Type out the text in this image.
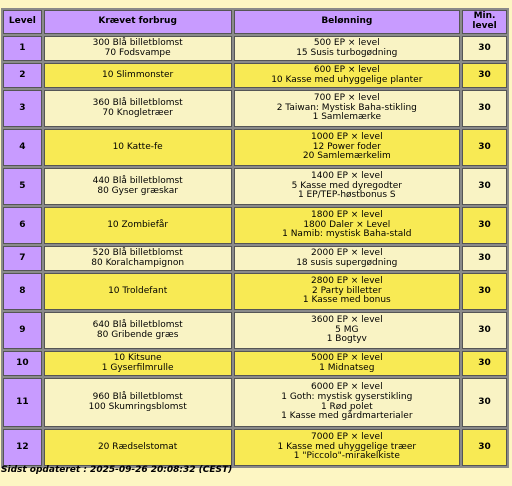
Level	Krævet forbrug	Belønning	Min. level
1	300 Blå billetblomst
70 Fodsvampe	500 EP × level
15 Susis turbogødning	30
2	10 Slimmonster	600 EP × level
10 Kasse med uhyggelige planter	30
3	360 Blå billetblomst
70 Knogletræer	700 EP × level
2 Taiwan: Mystisk Baha-stikling
1 Samlemærke	30
4	10 Katte-fe	1000 EP × level
12 Power foder
20 Samlemærkelim	30
5	440 Blå billetblomst
80 Gyser græskar	1400 EP × level
5 Kasse med dyregodter
1 EP/TEP-høstbonus S	30
6	10 Zombiefår	1800 EP × level
1800 Daler × Level
1 Namib: mystisk Baha-stald	30
7	520 Blå billetblomst
80 Koralchampignon	2000 EP × level
18 susis supergødning	30
8	10 Troldefant	2800 EP × level
2 Party billetter
1 Kasse med bonus	30
9	640 Blå billetblomst
80 Gribende græs	3600 EP × level
5 MG
1 Bogtyv	30
10	10 Kitsune
1 Gyserfilmrulle	5000 EP × level
1 Midnatseg	30
11	960 Blå billetblomst
100 Skumringsblomst	6000 EP × level
1 Goth: mystisk gyserstikling
1 Rød polet
1 Kasse med gårdmarterialer	30
12	20 Rædselstomat	7000 EP × level
1 Kasse med uhyggelige træer
1 "Piccolo"-mirakelkiste	30
Sidst opdateret : 2025-09-26 20:08:32 (CEST)
